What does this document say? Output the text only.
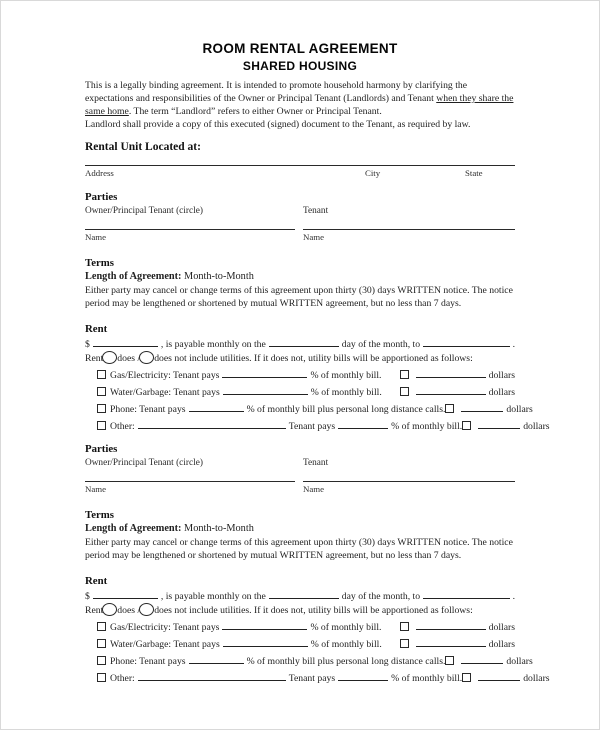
ROOM RENTAL AGREEMENT
SHARED HOUSING
This is a legally binding agreement. It is intended to promote household harmony by clarifying the expectations and responsibilities of the Owner or Principal Tenant (Landlords) and Tenant when they share the same home. The term “Landlord” refers to either Owner or Principal Tenant.
Landlord shall provide a copy of this executed (signed) document to the Tenant, as required by law.
Rental Unit Located at:
Address	City	State
Parties
Owner/Principal Tenant (circle)	Tenant
Name	Name
Terms
Length of Agreement: Month-to-Month
Either party may cancel or change terms of this agreement upon thirty (30) days WRITTEN notice. The notice period may be lengthened or shortened by mutual WRITTEN agreement, but no less than 7 days.
Rent
$	, is payable monthly on the	day of the month, to	.
Rent does / does not include utilities. If it does not, utility bills will be apportioned as follows:
Gas/Electricity: Tenant pays	% of monthly bill.	dollars
Water/Garbage: Tenant pays	% of monthly bill.	dollars
Phone: Tenant pays	% of monthly bill plus personal long distance calls.	dollars
Other:	Tenant pays	% of monthly bill.	dollars
Parties
Owner/Principal Tenant (circle)	Tenant
Name	Name
Terms
Length of Agreement: Month-to-Month
Either party may cancel or change terms of this agreement upon thirty (30) days WRITTEN notice. The notice period may be lengthened or shortened by mutual WRITTEN agreement, but no less than 7 days.
Rent
$	, is payable monthly on the	day of the month, to	.
Rent does / does not include utilities. If it does not, utility bills will be apportioned as follows:
Gas/Electricity: Tenant pays	% of monthly bill.	dollars
Water/Garbage: Tenant pays	% of monthly bill.	dollars
Phone: Tenant pays	% of monthly bill plus personal long distance calls.	dollars
Other:	Tenant pays	% of monthly bill.	dollars
